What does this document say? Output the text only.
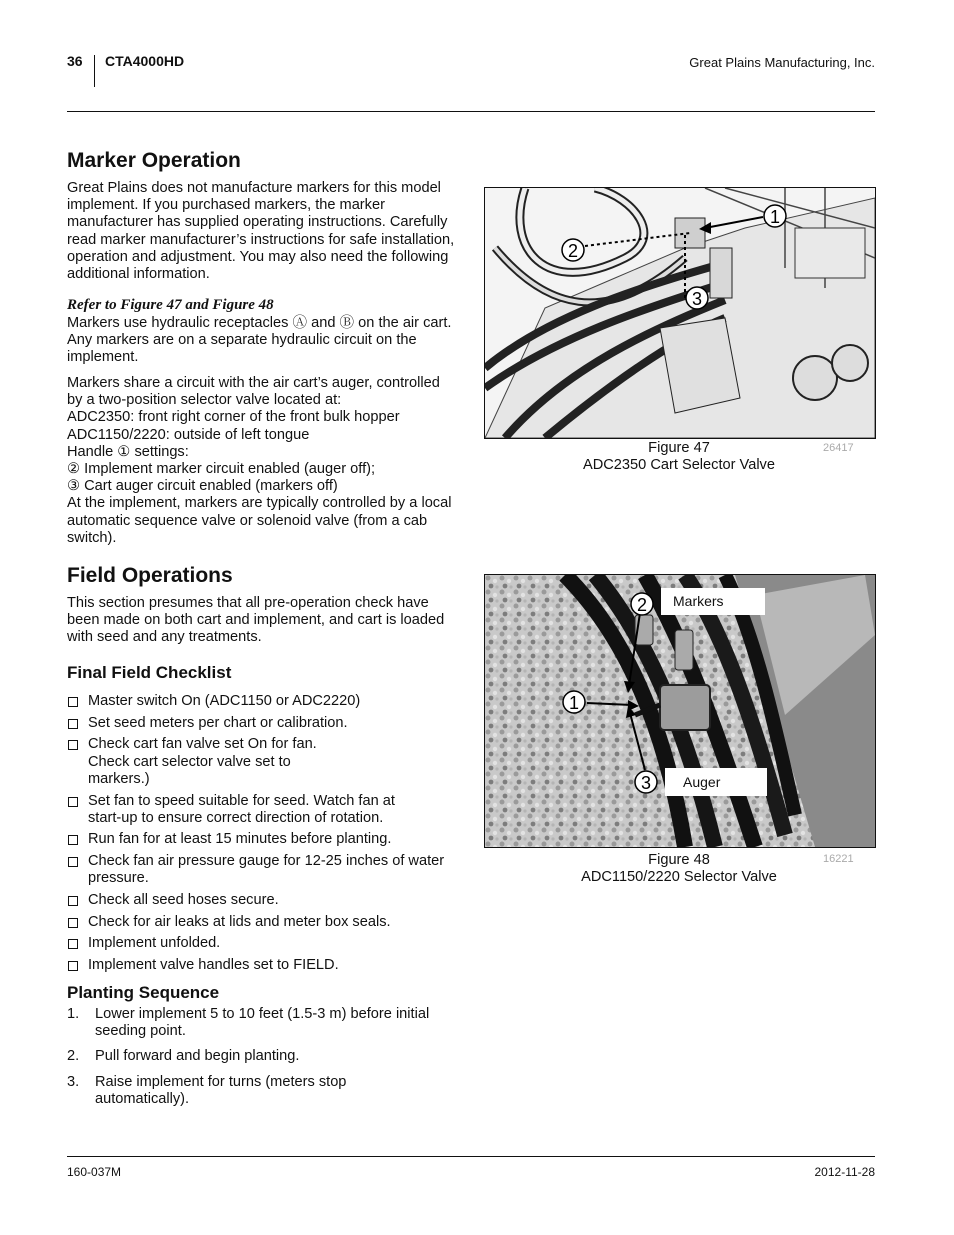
36 CTA4000HD	Great Plains Manufacturing, Inc.
Marker Operation

Great Plains does not manufacture markers for this model implement. If you purchased markers, the marker manufacturer has supplied operating instructions. Carefully read marker manufacturer’s instructions for safe installation, operation and adjustment. You may also need the following additional information.

Refer to Figure 47 and Figure 48
Markers use hydraulic receptacles Ⓐ and Ⓑ on the air cart. Any markers are on a separate hydraulic circuit on the implement.

Markers share a circuit with the air cart’s auger, controlled by a two-position selector valve located at:

ADC2350: front right corner of the front bulk hopper

ADC1150/2220: outside of left tongue

Handle ① settings:

② Implement marker circuit enabled (auger off);

③ Cart auger circuit enabled (markers off)

At the implement, markers are typically controlled by a local automatic sequence valve or solenoid valve (from a cab switch).

1
2
3
Figure 47
ADC2350 Cart Selector Valve
26417
Field Operations
This section presumes that all pre-operation check have been made on both cart and implement, and cart is loaded with seed and any treatments.
Final Field Checklist
Master switch On (ADC1150 or ADC2220)
Set seed meters per chart or calibration.
Check cart fan valve set On for fan. Check cart selector valve set to markers.)
Set fan to speed suitable for seed. Watch fan at start-up to ensure correct direction of rotation.
Run fan for at least 15 minutes before planting.
Check fan air pressure gauge for 12-25 inches of water pressure.
Check all seed hoses secure.
Check for air leaks at lids and meter box seals.
Implement unfolded.
Implement valve handles set to FIELD.
Planting Sequence
1. Lower implement 5 to 10 feet (1.5-3 m) before initial seeding point.
2. Pull forward and begin planting.
3. Raise implement for turns (meters stop automatically).
2
1
3
Markers
Auger
Figure 48
ADC1150/2220 Selector Valve
16221
160-037M	2012-11-28
